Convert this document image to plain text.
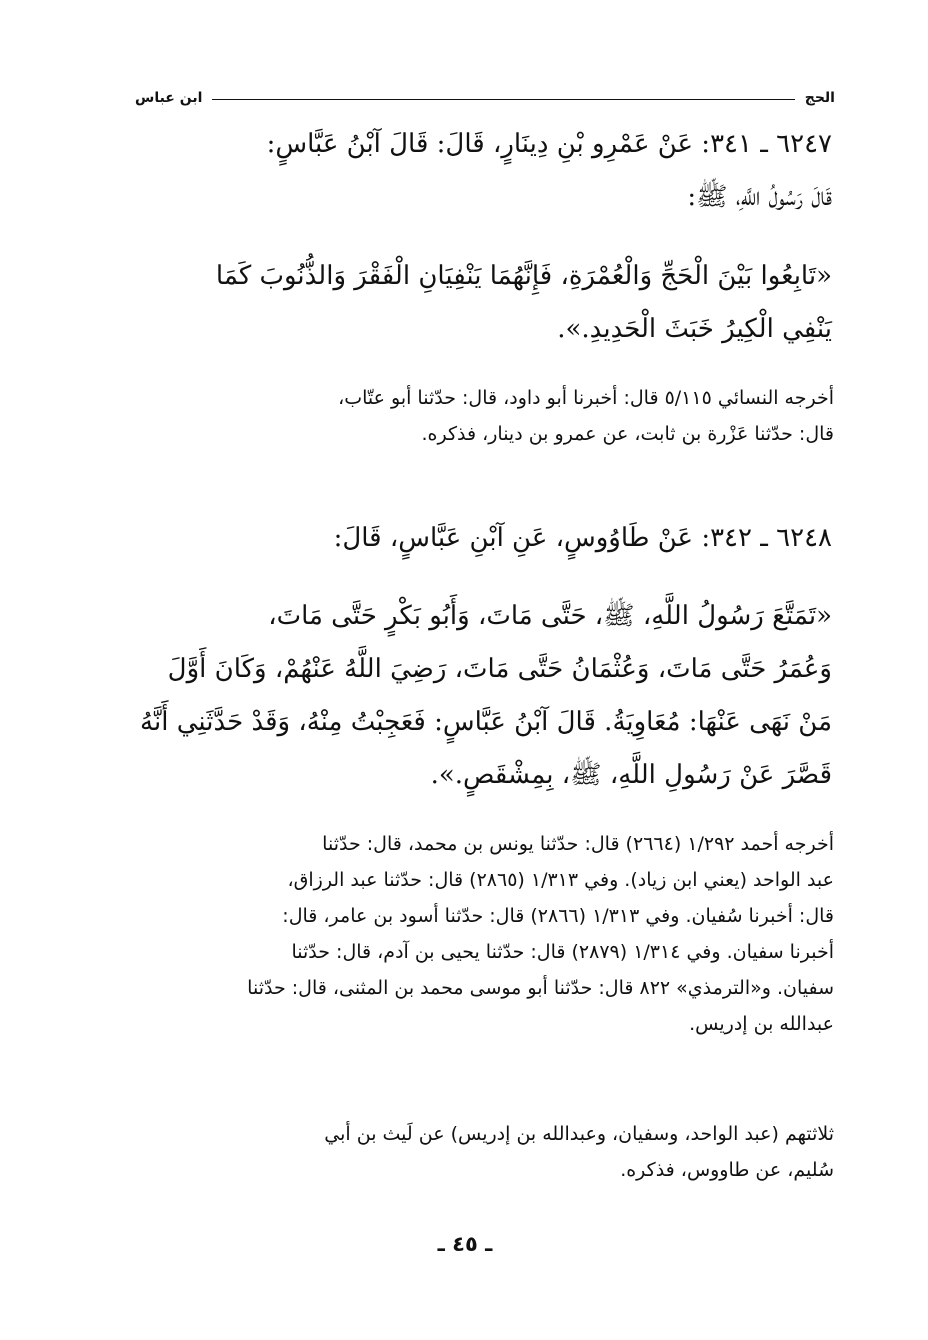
الحج
ابن عباس
٦٢٤٧ ـ ٣٤١: عَنْ عَمْرِو بْنِ دِينَارٍ، قَالَ: قَالَ آبْنُ عَبَّاسٍ:
قَالَ رَسُولُ اللَّهِ، ﷺ:
«تَابِعُوا بَيْنَ الْحَجِّ وَالْعُمْرَةِ، فَإِنَّهُمَا يَنْفِيَانِ الْفَقْرَ وَالذُّنُوبَ كَمَا
يَنْفِي الْكِيرُ خَبَثَ الْحَدِيدِ.».
أخرجه النسائي ٥/١١٥ قال: أخبرنا أبو داود، قال: حدّثنا أبو عتّاب،
قال: حدّثنا عَزْرة بن ثابت، عن عمرو بن دينار، فذكره.
٦٢٤٨ ـ ٣٤٢: عَنْ طَاوُوسٍ، عَنِ آبْنِ عَبَّاسٍ، قَالَ:
«تَمَتَّعَ رَسُولُ اللَّهِ، ﷺ، حَتَّى مَاتَ، وَأَبُو بَكْرٍ حَتَّى مَاتَ،
وَعُمَرُ حَتَّى مَاتَ، وَعُثْمَانُ حَتَّى مَاتَ، رَضِيَ اللَّهُ عَنْهُمْ، وَكَانَ أَوَّلَ
مَنْ نَهَى عَنْهَا: مُعَاوِيَةُ. قَالَ آبْنُ عَبَّاسٍ: فَعَجِبْتُ مِنْهُ، وَقَدْ حَدَّثَنِي أَنَّهُ
قَصَّرَ عَنْ رَسُولِ اللَّهِ، ﷺ، بِمِشْقَصٍ.».
أخرجه أحمد ١/٢٩٢ (٢٦٦٤) قال: حدّثنا يونس بن محمد، قال: حدّثنا
عبد الواحد (يعني ابن زياد). وفي ١/٣١٣ (٢٨٦٥) قال: حدّثنا عبد الرزاق،
قال: أخبرنا سُفيان. وفي ١/٣١٣ (٢٨٦٦) قال: حدّثنا أسود بن عامر، قال:
أخبرنا سفيان. وفي ١/٣١٤ (٢٨٧٩) قال: حدّثنا يحيى بن آدم، قال: حدّثنا
سفيان. و«الترمذي» ٨٢٢ قال: حدّثنا أبو موسى محمد بن المثنى، قال: حدّثنا
عبدالله بن إدريس.
ثلاثتهم (عبد الواحد، وسفيان، وعبدالله بن إدريس) عن لَيث بن أبي
سُليم، عن طاووس، فذكره.
ـ ٤٥ ـ
